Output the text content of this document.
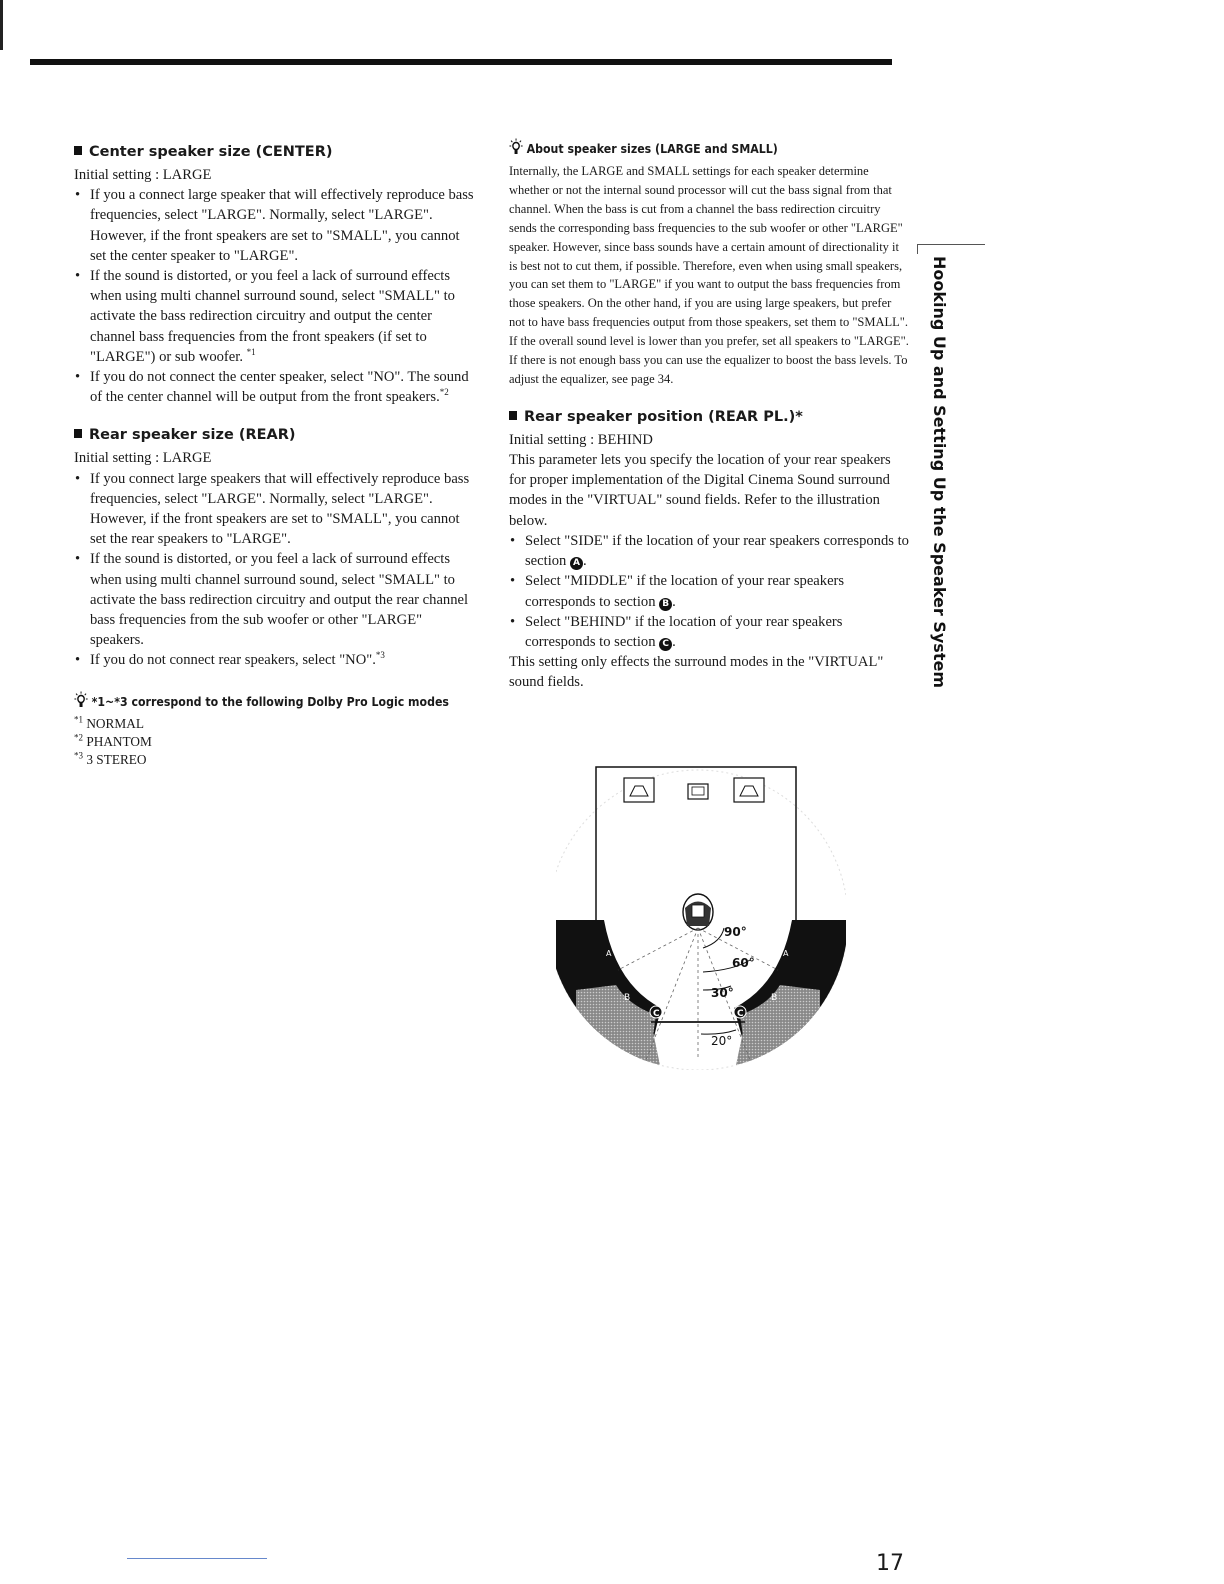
Center speaker size (CENTER)

Initial setting : LARGE

• If you a connect large speaker that will effectively reproduce bass frequencies, select "LARGE". Normally, select "LARGE". However, if the front speakers are set to "SMALL", you cannot set the center speaker to "LARGE".
• If the sound is distorted, or you feel a lack of surround effects when using multi channel surround sound, select "SMALL" to activate the bass redirection circuitry and output the center channel bass frequencies from the front speakers (if set to "LARGE") or sub woofer. $^{*1}$
• If you do not connect the center speaker, select "NO". The sound of the center channel will be output from the front speakers.$^{*2}$
Rear speaker size (REAR)

Initial setting : LARGE

• If you connect large speakers that will effectively reproduce bass frequencies, select "LARGE". Normally, select "LARGE". However, if the front speakers are set to "SMALL", you cannot set the rear speakers to "LARGE".
• If the sound is distorted, or you feel a lack of surround effects when using multi channel surround sound, select "SMALL" to activate the bass redirection circuitry and output the rear channel bass frequencies from the sub woofer or other "LARGE" speakers.
• If you do not connect rear speakers, select "NO".$^{*3}$
*1~*3 correspond to the following Dolby Pro Logic modes

$^{*1}$ NORMAL

$^{*2}$ PHANTOM

$^{*3}$ 3 STEREO

About speaker sizes (LARGE and SMALL)

Internally, the LARGE and SMALL settings for each speaker determine whether or not the internal sound processor will cut the bass signal from that channel. When the bass is cut from a channel the bass redirection circuitry sends the corresponding bass frequencies to the sub woofer or other "LARGE" speaker. However, since bass sounds have a certain amount of directionality it is best not to cut them, if possible. Therefore, even when using small speakers, you can set them to "LARGE" if you want to output the bass frequencies from those speakers. On the other hand, if you are using large speakers, but prefer not to have bass frequencies output from those speakers, set them to "SMALL".

If the overall sound level is lower than you prefer, set all speakers to "LARGE". If there is not enough bass you can use the equalizer to boost the bass levels. To adjust the equalizer, see page 34.

Rear speaker position (REAR PL.)*

Initial setting : BEHIND

This parameter lets you specify the location of your rear speakers for proper implementation of the Digital Cinema Sound surround modes in the "VIRTUAL" sound fields. Refer to the illustration below.

• Select "SIDE" if the location of your rear speakers corresponds to section A .
• Select "MIDDLE" if the location of your rear speakers corresponds to section B .
• Select "BEHIND" if the location of your rear speakers corresponds to section C .

This setting only effects the surround modes in the "VIRTUAL" sound fields.

90°
60°
30°
20°
A	A
B	B
C	C
Hooking Up and Setting Up the Speaker System
17
